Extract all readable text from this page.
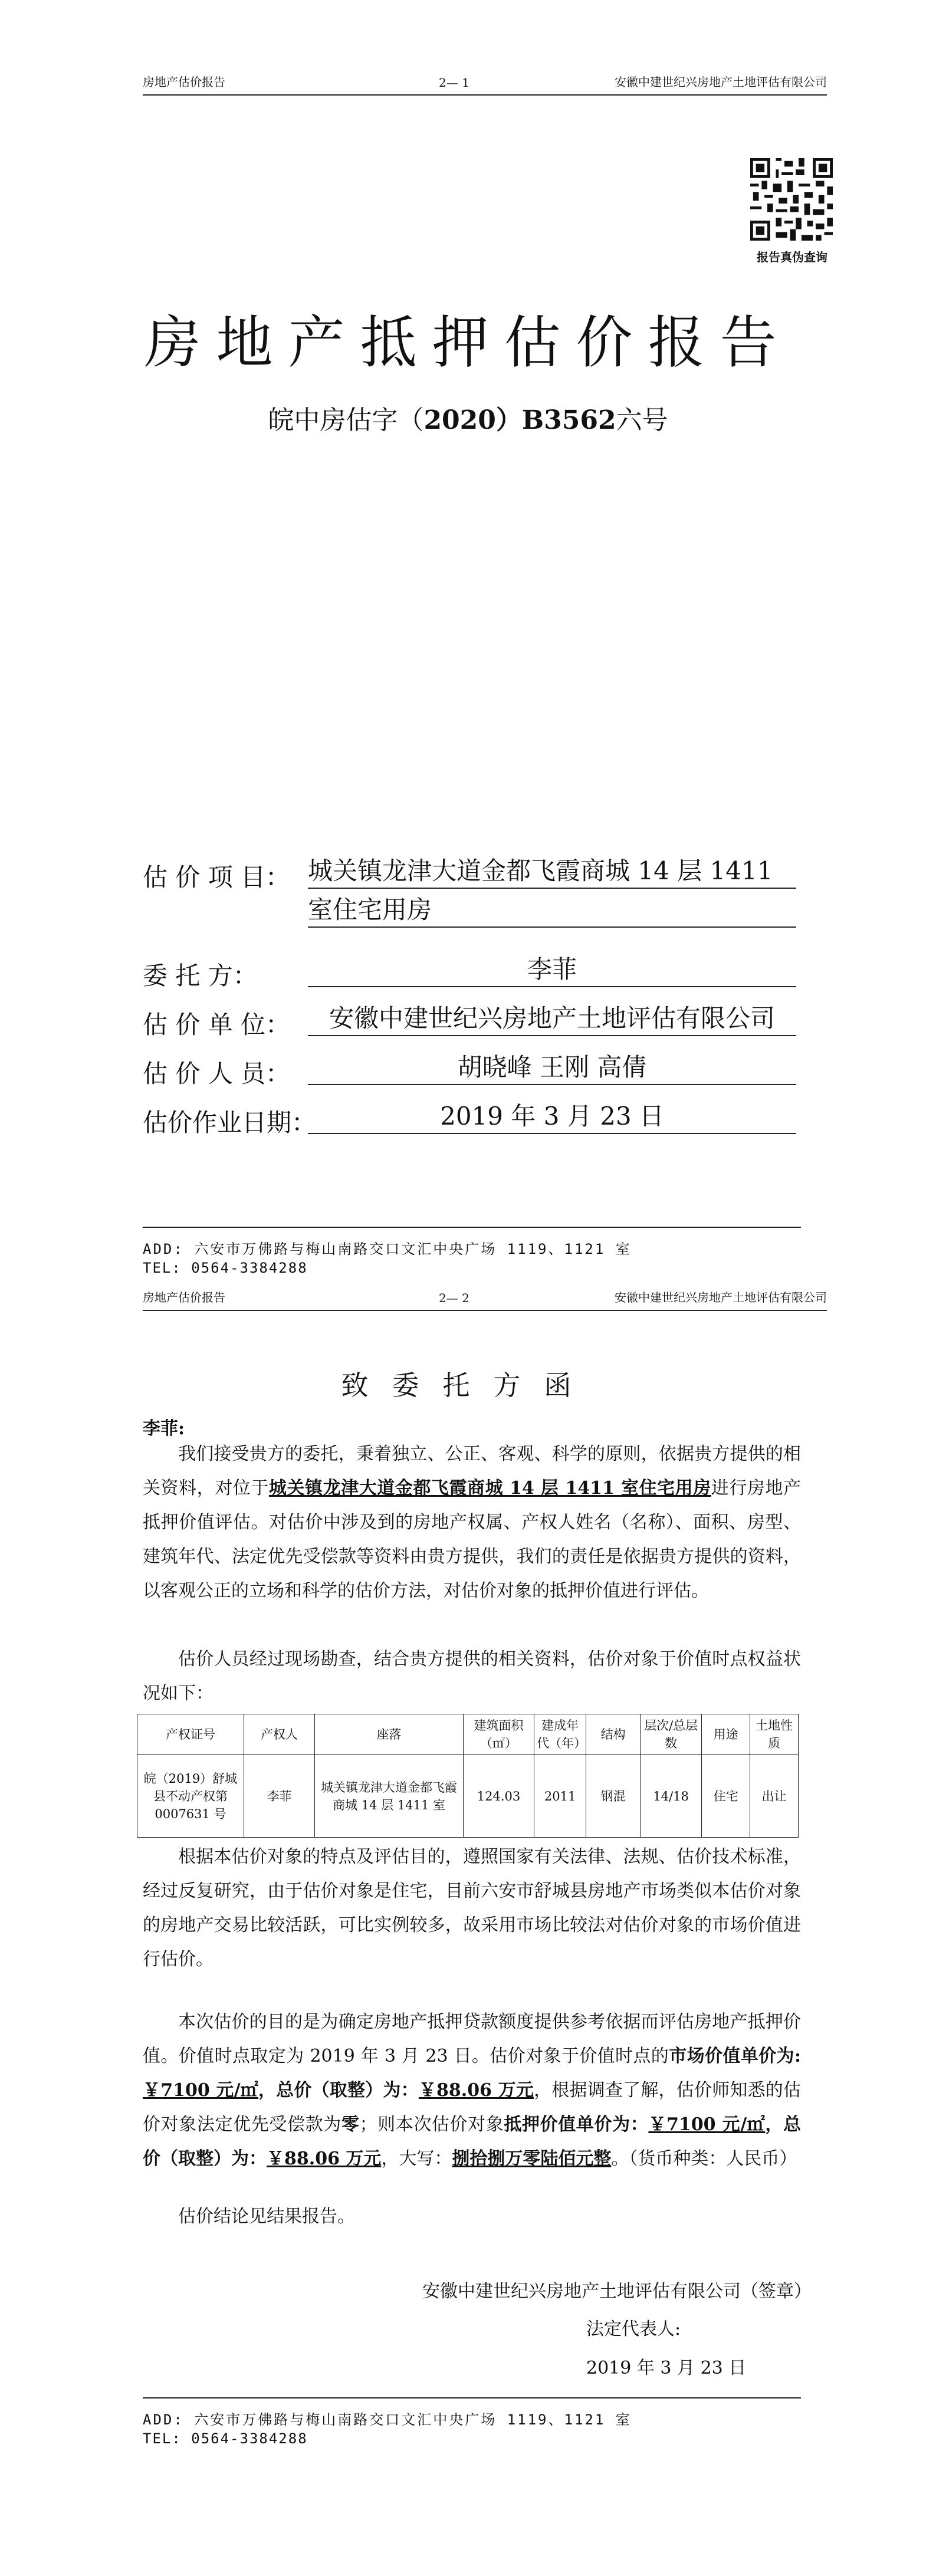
房地产估价报告	2— 1	安徽中建世纪兴房地产土地评估有限公司
报告真伪查询
房地产抵押估价报告
皖中房估字（2020）B3562六号
估 价 项 目： 城关镇龙津大道金都飞霞商城 14 层 1411
室住宅用房
委 托 方：	李菲
估 价 单 位：	安徽中建世纪兴房地产土地评估有限公司
估 价 人 员：	胡晓峰 王刚 高倩
估价作业日期：	2019 年 3 月 23 日
ADD: 六安市万佛路与梅山南路交口文汇中央广场 1119、1121 室
TEL: 0564-3384288
房地产估价报告	2— 2	安徽中建世纪兴房地产土地评估有限公司
致委托方函
李菲:
我们接受贵方的委托，秉着独立、公正、客观、科学的原则，依据贵方提供的相关资料，对位于城关镇龙津大道金都飞霞商城 14 层 1411 室住宅用房进行房地产抵押价值评估。对估价中涉及到的房地产权属、产权人姓名（名称）、面积、房型、建筑年代、法定优先受偿款等资料由贵方提供，我们的责任是依据贵方提供的资料，以客观公正的立场和科学的估价方法，对估价对象的抵押价值进行评估。
估价人员经过现场勘查，结合贵方提供的相关资料，估价对象于价值时点权益状况如下：
产权证号	产权人	座落	建筑面积（㎡）	建成年代（年）	结构	层次/总层数	用途	土地性质
皖（2019）舒城县不动产权第0007631 号	李菲	城关镇龙津大道金都飞霞商城 14 层 1411 室	124.03	2011	钢混	14/18	住宅	出让
根据本估价对象的特点及评估目的，遵照国家有关法律、法规、估价技术标准，经过反复研究，由于估价对象是住宅，目前六安市舒城县房地产市场类似本估价对象的房地产交易比较活跃，可比实例较多，故采用市场比较法对估价对象的市场价值进行估价。
本次估价的目的是为确定房地产抵押贷款额度提供参考依据而评估房地产抵押价值。价值时点取定为 2019 年 3 月 23 日。估价对象于价值时点的市场价值单价为:￥7100 元/㎡，总价（取整）为：￥88.06 万元，根据调查了解，估价师知悉的估价对象法定优先受偿款为零；则本次估价对象抵押价值单价为：￥7100 元/㎡，总价（取整）为：￥88.06 万元，大写：捌拾捌万零陆佰元整。（货币种类：人民币）
估价结论见结果报告。
安徽中建世纪兴房地产土地评估有限公司（签章）
法定代表人:
2019 年 3 月 23 日
ADD: 六安市万佛路与梅山南路交口文汇中央广场 1119、1121 室
TEL: 0564-3384288
